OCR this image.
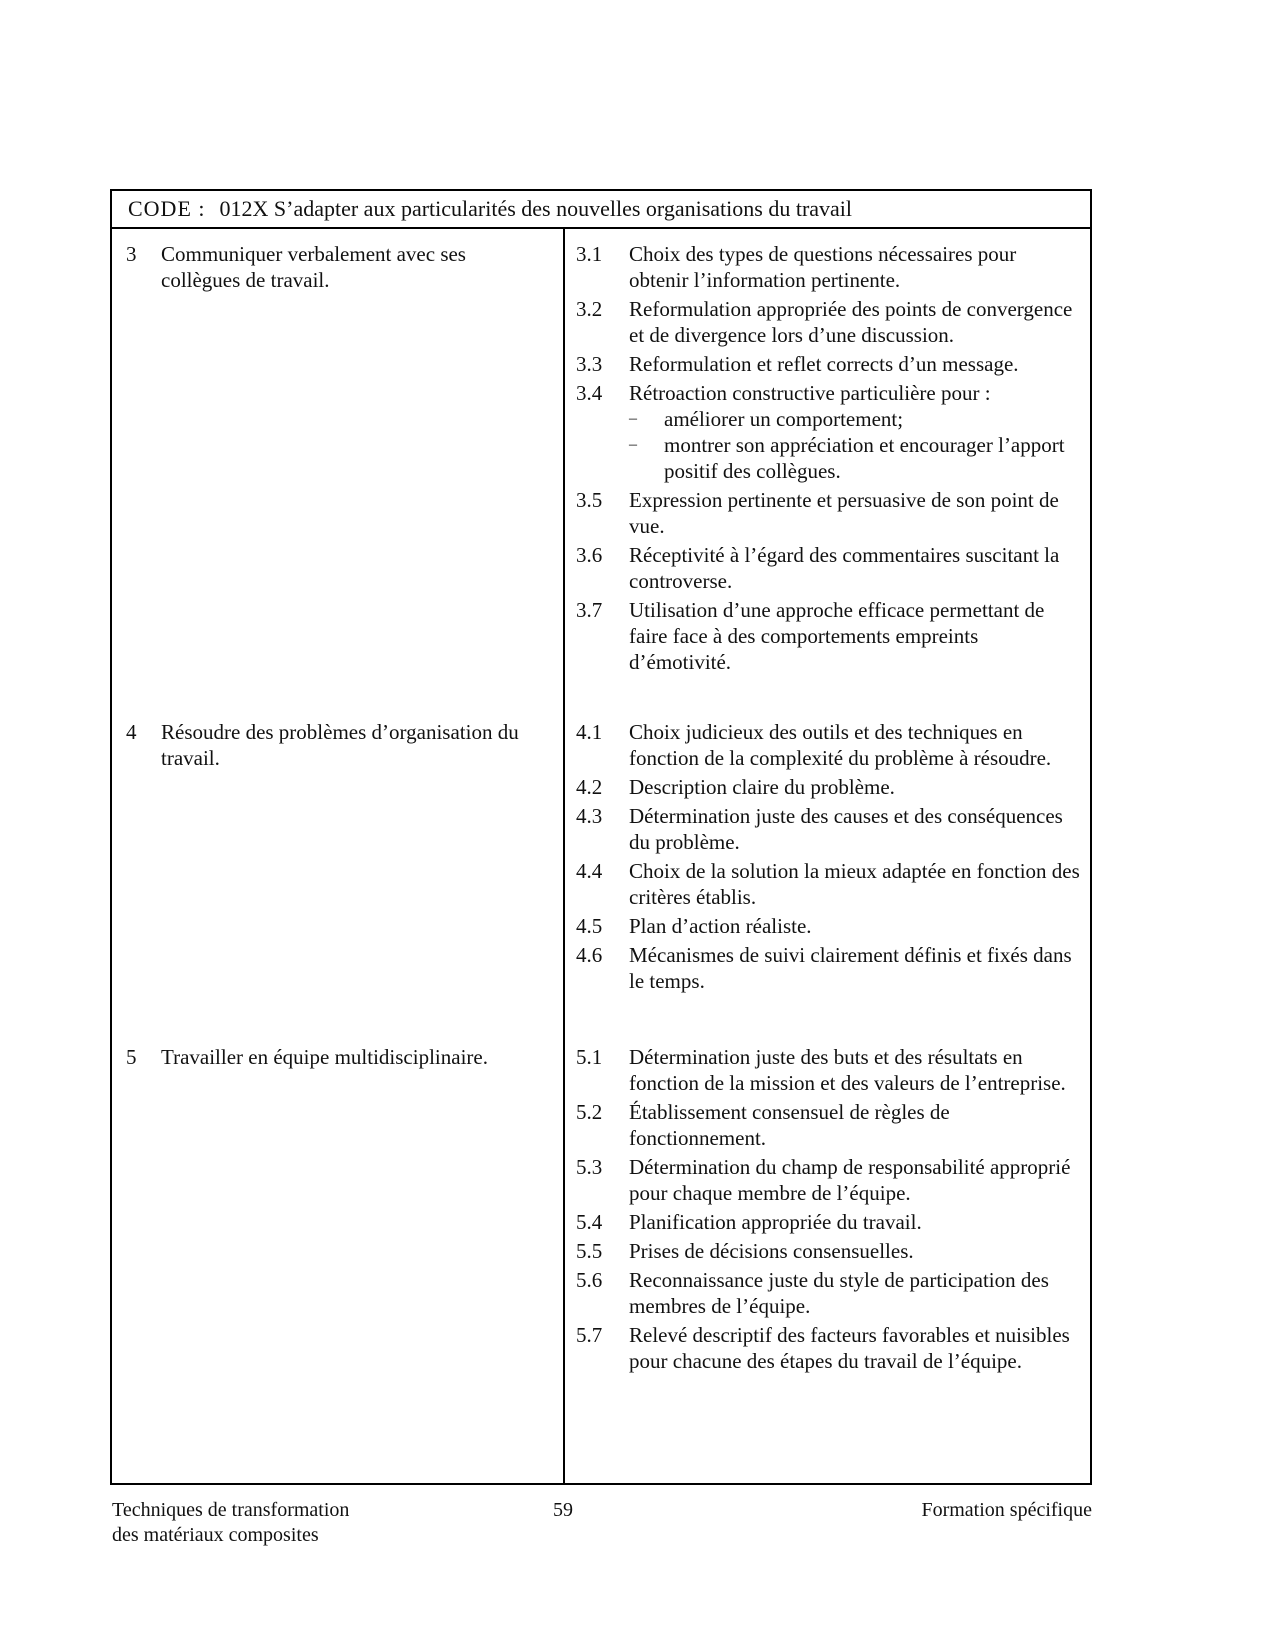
CODE : 012X S’adapter aux particularités des nouvelles organisations du travail
3 Communiquer verbalement avec ses collègues de travail.
4 Résoudre des problèmes d’organisation du travail.
5 Travailler en équipe multidisciplinaire.
3.1 Choix des types de questions nécessaires pour obtenir l’information pertinente.
3.2 Reformulation appropriée des points de convergence et de divergence lors d’une discussion.
3.3 Reformulation et reflet corrects d’un message.
3.4 Rétroaction constructive particulière pour :
– améliorer un comportement;
– montrer son appréciation et encourager l’apport positif des collègues.
3.5 Expression pertinente et persuasive de son point de vue.
3.6 Réceptivité à l’égard des commentaires suscitant la controverse.
3.7 Utilisation d’une approche efficace permettant de faire face à des comportements empreints d’émotivité.
4.1 Choix judicieux des outils et des techniques en fonction de la complexité du problème à résoudre.
4.2 Description claire du problème.
4.3 Détermination juste des causes et des conséquences du problème.
4.4 Choix de la solution la mieux adaptée en fonction des critères établis.
4.5 Plan d’action réaliste.
4.6 Mécanismes de suivi clairement définis et fixés dans le temps.
5.1 Détermination juste des buts et des résultats en fonction de la mission et des valeurs de l’entreprise.
5.2 Établissement consensuel de règles de fonctionnement.
5.3 Détermination du champ de responsabilité approprié pour chaque membre de l’équipe.
5.4 Planification appropriée du travail.
5.5 Prises de décisions consensuelles.
5.6 Reconnaissance juste du style de participation des membres de l’équipe.
5.7 Relevé descriptif des facteurs favorables et nuisibles pour chacune des étapes du travail de l’équipe.
Techniques de transformation
des matériaux composites
59	Formation spécifique
